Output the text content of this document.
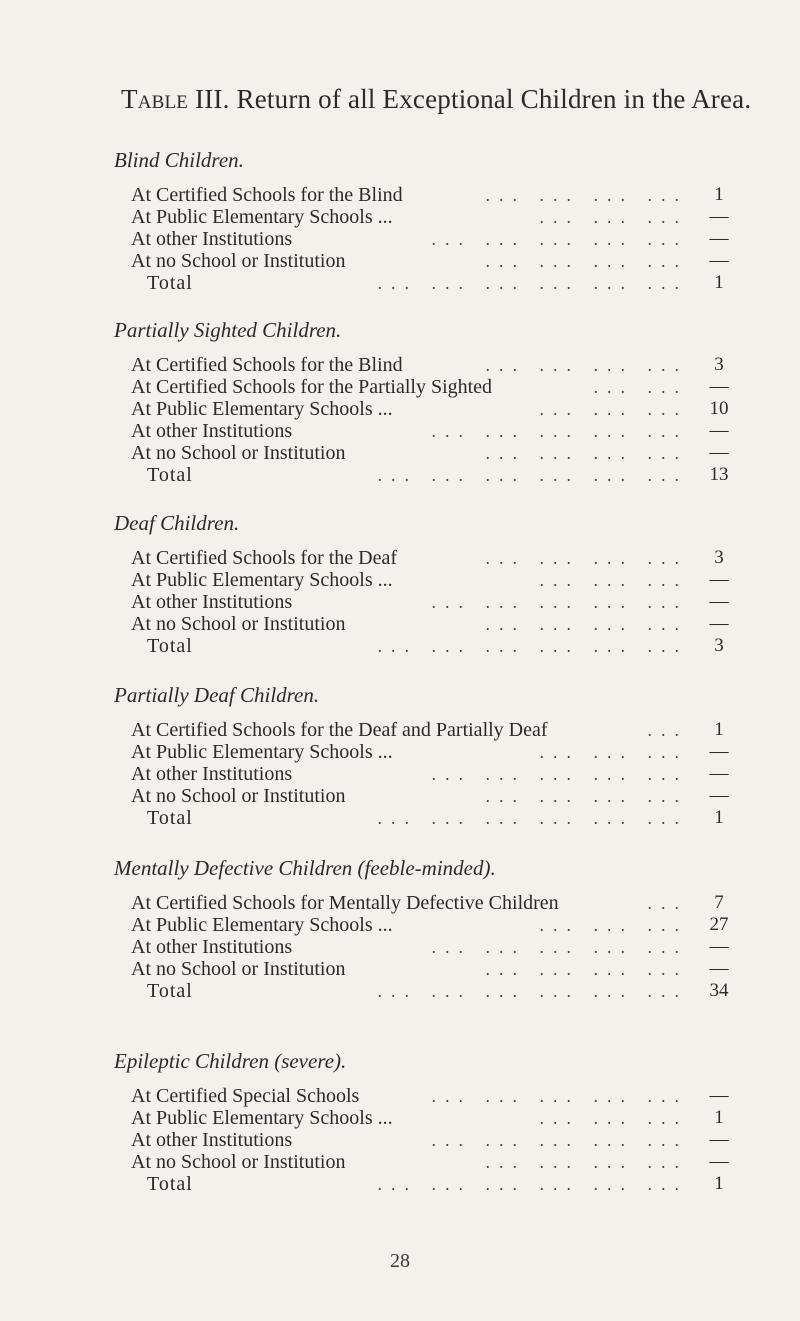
Table III. Return of all Exceptional Children in the Area.
Blind Children.
At Certified Schools for the Blind	... ... ... ...	1
At Public Elementary Schools ...	... ... ...	—
At other Institutions	... ... ... ... ...	—
At no School or Institution	... ... ... ...	—
Total	... ... ... ... ... ...	1
Partially Sighted Children.
At Certified Schools for the Blind	... ... ... ...	3
At Certified Schools for the Partially Sighted	... ...	—
At Public Elementary Schools ...	... ... ...	10
At other Institutions	... ... ... ... ...	—
At no School or Institution	... ... ... ...	—
Total	... ... ... ... ... ...	13
Deaf Children.
At Certified Schools for the Deaf	... ... ... ...	3
At Public Elementary Schools ...	... ... ...	—
At other Institutions	... ... ... ... ...	—
At no School or Institution	... ... ... ...	—
Total	... ... ... ... ... ...	3
Partially Deaf Children.
At Certified Schools for the Deaf and Partially Deaf	...	1
At Public Elementary Schools ...	... ... ...	—
At other Institutions	... ... ... ... ...	—
At no School or Institution	... ... ... ...	—
Total	... ... ... ... ... ...	1
Mentally Defective Children (feeble-minded).
At Certified Schools for Mentally Defective Children	...	7
At Public Elementary Schools ...	... ... ...	27
At other Institutions	... ... ... ... ...	—
At no School or Institution	... ... ... ...	—
Total	... ... ... ... ... ...	34
Epileptic Children (severe).
At Certified Special Schools	... ... ... ... ...	—
At Public Elementary Schools ...	... ... ...	1
At other Institutions	... ... ... ... ...	—
At no School or Institution	... ... ... ...	—
Total	... ... ... ... ... ...	1
28
